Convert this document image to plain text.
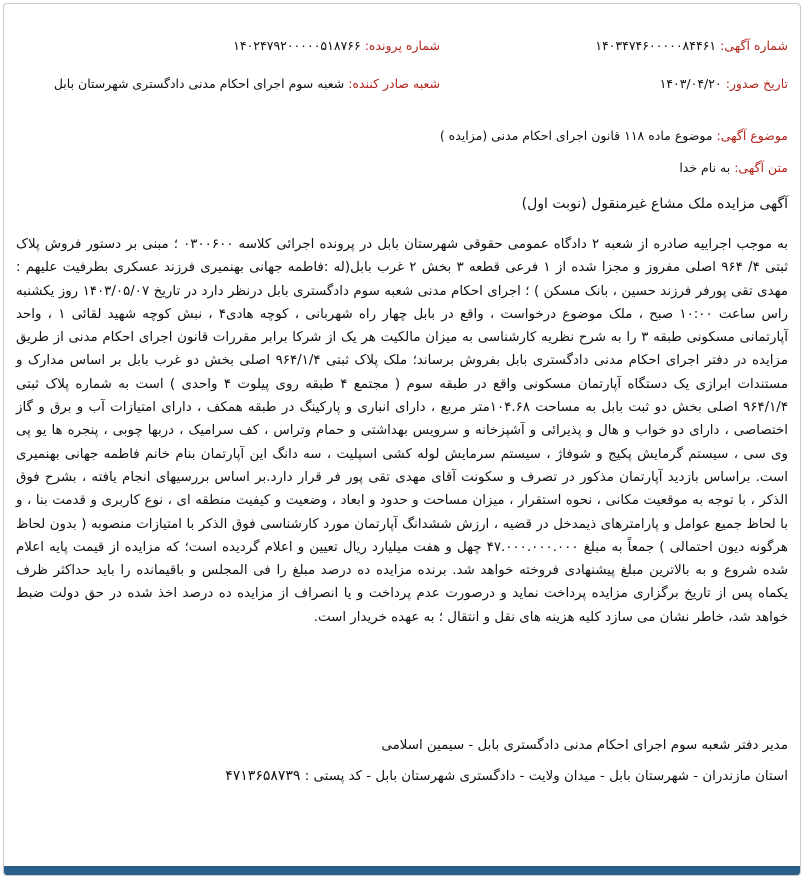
شماره آگهی: ۱۴۰۳۴۷۴۶۰۰۰۰۰۸۴۴۶۱
تاریخ صدور: ۱۴۰۳/۰۴/۲۰
شماره پرونده: ۱۴۰۲۴۷۹۲۰۰۰۰۰۵۱۸۷۶۶
شعبه صادر کننده: شعبه سوم اجرای احکام مدنی دادگستری شهرستان بابل
موضوع آگهی: موضوع ماده ۱۱۸ قانون اجرای احکام مدنی (مزایده )
متن آگهی: به نام خدا
آگهی مزایده ملک مشاع غیرمنقول (نوبت اول)
به موجب اجراییه صادره از شعبه ۲ دادگاه عمومی حقوقی شهرستان بابل در پرونده اجرائی کلاسه ۰۳۰۰۶۰۰ ؛ مبنی بر دستور فروش پلاک ثبتی ۴/ ۹۶۴ اصلی مفروز و مجزا شده از ۱ فرعی قطعه ۳ بخش ۲ غرب بابل(له :فاطمه جهانی بهنمیری فرزند عسکری بطرفیت علیهم : مهدی تقی پورفر فرزند حسین ، بانک مسکن ) ؛ اجرای احکام مدنی شعبه سوم دادگستری بابل درنظر دارد در تاریخ ۱۴۰۳/۰۵/۰۷ روز یکشنبه راس ساعت ۱۰:۰۰ صبح ، ملک موضوع درخواست ، واقع در بابل چهار راه شهربانی ، کوچه هادی۴ ، نبش کوچه شهید لقائی ۱ ، واحد آپارتمانی مسکونی طبقه ۳ را به شرح نظریه کارشناسی به میزان مالکیت هر یک از شرکا برابر مقررات قانون اجرای احکام مدنی از طریق مزایده در دفتر اجرای احکام مدنی دادگستری بابل بفروش برساند؛ ملک پلاک ثبتی ۹۶۴/۱/۴ اصلی بخش دو غرب بابل بر اساس مدارک و مستندات ابرازی یک دستگاه آپارتمان مسکونی واقع در طبقه سوم ( مجتمع ۴ طبقه روی پیلوت ۴ واحدی ) است به شماره پلاک ثبتی ۹۶۴/۱/۴ اصلی بخش دو ثبت بابل به مساحت ۱۰۴.۶۸متر مربع ، دارای انباری و پارکینگ در طبقه همکف ، دارای امتیازات آب و برق و گاز اختصاصی ، دارای دو خواب و هال و پذیرائی و آشپزخانه و سرویس بهداشتی و حمام وتراس ، کف سرامیک ، دربها چوبی ، پنجره ها یو پی وی سی ، سیستم گرمایش پکیج و شوفاژ ، سیستم سرمایش لوله کشی اسپلیت ، سه دانگ این آپارتمان بنام خانم فاطمه جهانی بهنمیری است. براساس بازدید آپارتمان مذکور در تصرف و سکونت آقای مهدی تقی پور فر قرار دارد.بر اساس بررسیهای انجام یافته ، بشرح فوق الذکر ، با توجه به موقعیت مکانی ، نحوه استقرار ، میزان مساحت و حدود و ابعاد ، وضعیت و کیفیت منطقه ای ، نوع کاربری و قدمت بنا ، و با لحاظ جمیع عوامل و پارامترهای ذیمدخل در قضیه ، ارزش ششدانگ آپارتمان مورد کارشناسی فوق الذکر با امتیازات منصوبه ( بدون لحاظ هرگونه دیون احتمالی ) جمعاً به مبلغ ۴۷.۰۰۰.۰۰۰.۰۰۰ چهل و هفت میلیارد ریال تعیین و اعلام گردیده است؛ که مزایده از قیمت پایه اعلام شده شروع و به بالاترین مبلغ پیشنهادی فروخته خواهد شد. برنده مزایده ده درصد مبلغ را فی المجلس و باقیمانده را باید حداکثر ظرف یکماه پس از تاریخ برگزاری مزایده پرداخت نماید و درصورت عدم پرداخت و یا انصراف از مزایده ده درصد اخذ شده در حق دولت ضبط خواهد شد، خاطر نشان می سازد کلیه هزینه های نقل و انتقال ؛ به عهده خریدار است.
مدیر دفتر شعبه سوم اجرای احکام مدنی دادگستری بابل - سیمین اسلامی
استان مازندران - شهرستان بابل - میدان ولایت - دادگستری شهرستان بابل - کد پستی : ۴۷۱۳۶۵۸۷۳۹
